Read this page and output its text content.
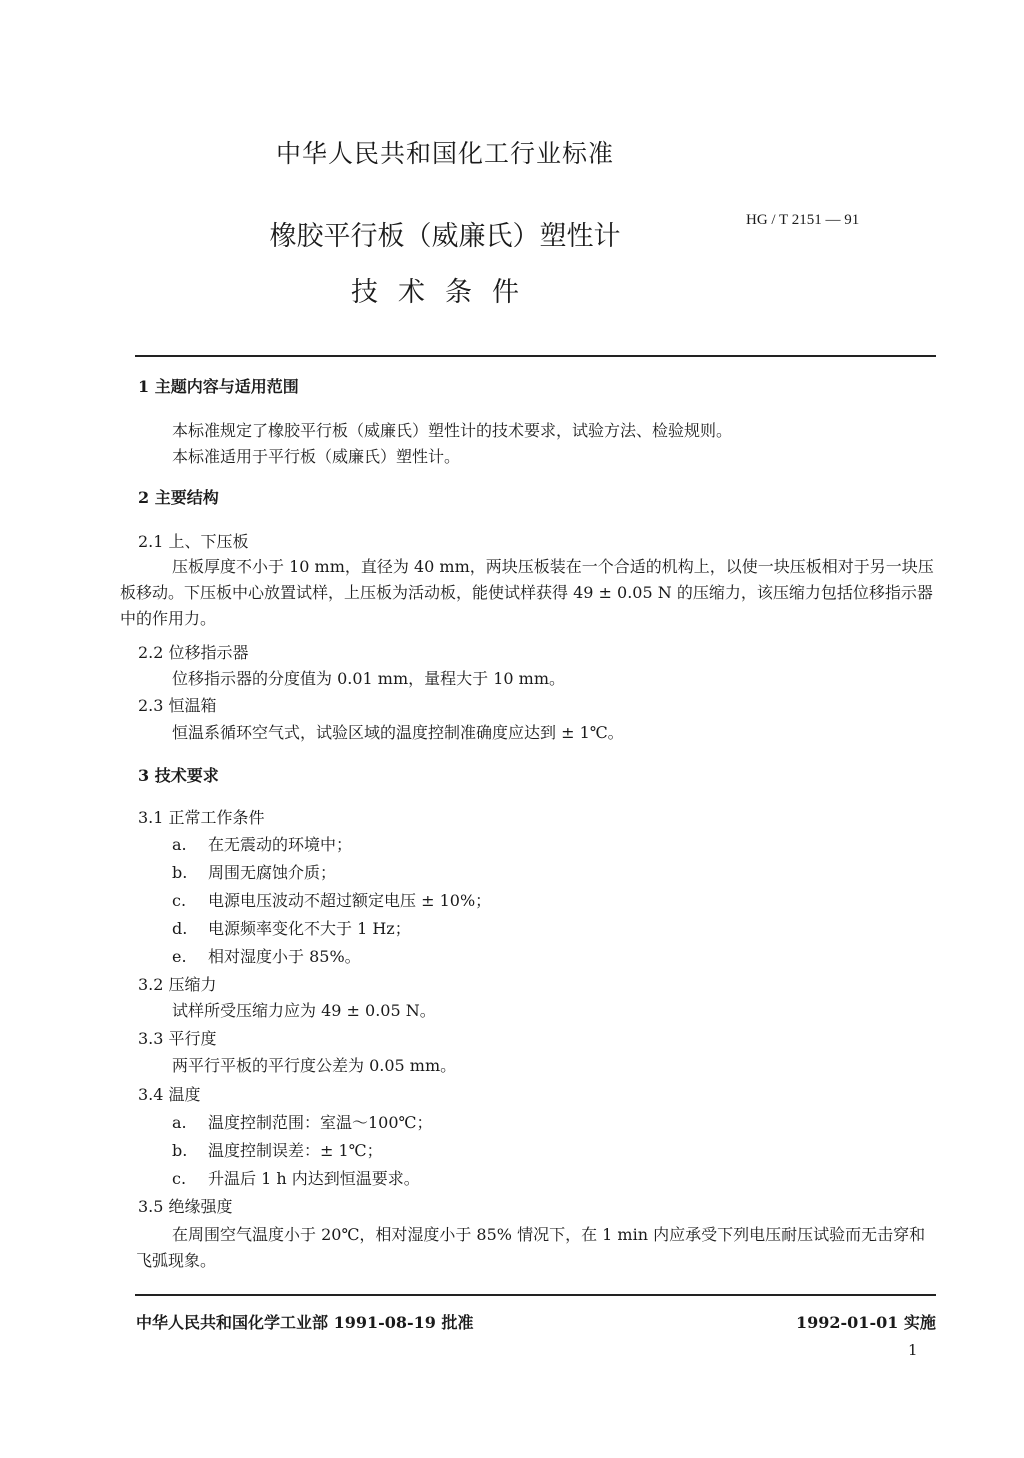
中华人民共和国化工行业标准
橡胶平行板（威廉氏）塑性计
技术条件
HG / T 2151 — 91
1 主题内容与适用范围
本标准规定了橡胶平行板（威廉氏）塑性计的技术要求，试验方法、检验规则。
本标准适用于平行板（威廉氏）塑性计。
2 主要结构
2.1 上、下压板
压板厚度不小于 10 mm，直径为 40 mm，两块压板装在一个合适的机构上，以使一块压板相对于另一块压板移动。下压板中心放置试样，上压板为活动板，能使试样获得 49 ± 0.05 N 的压缩力，该压缩力包括位移指示器中的作用力。
2.2 位移指示器
位移指示器的分度值为 0.01 mm，量程大于 10 mm。
2.3 恒温箱
恒温系循环空气式，试验区域的温度控制准确度应达到 ± 1℃。
3 技术要求
3.1 正常工作条件
a. 在无震动的环境中；
b. 周围无腐蚀介质；
c. 电源电压波动不超过额定电压 ± 10%；
d. 电源频率变化不大于 1 Hz；
e. 相对湿度小于 85%。
3.2 压缩力
试样所受压缩力应为 49 ± 0.05 N。
3.3 平行度
两平行平板的平行度公差为 0.05 mm。
3.4 温度
a. 温度控制范围：室温～100℃；
b. 温度控制误差：± 1℃；
c. 升温后 1 h 内达到恒温要求。
3.5 绝缘强度
在周围空气温度小于 20℃，相对湿度小于 85% 情况下，在 1 min 内应承受下列电压耐压试验而无击穿和飞弧现象。
中华人民共和国化学工业部 1991-08-19 批准	1992-01-01 实施
1
